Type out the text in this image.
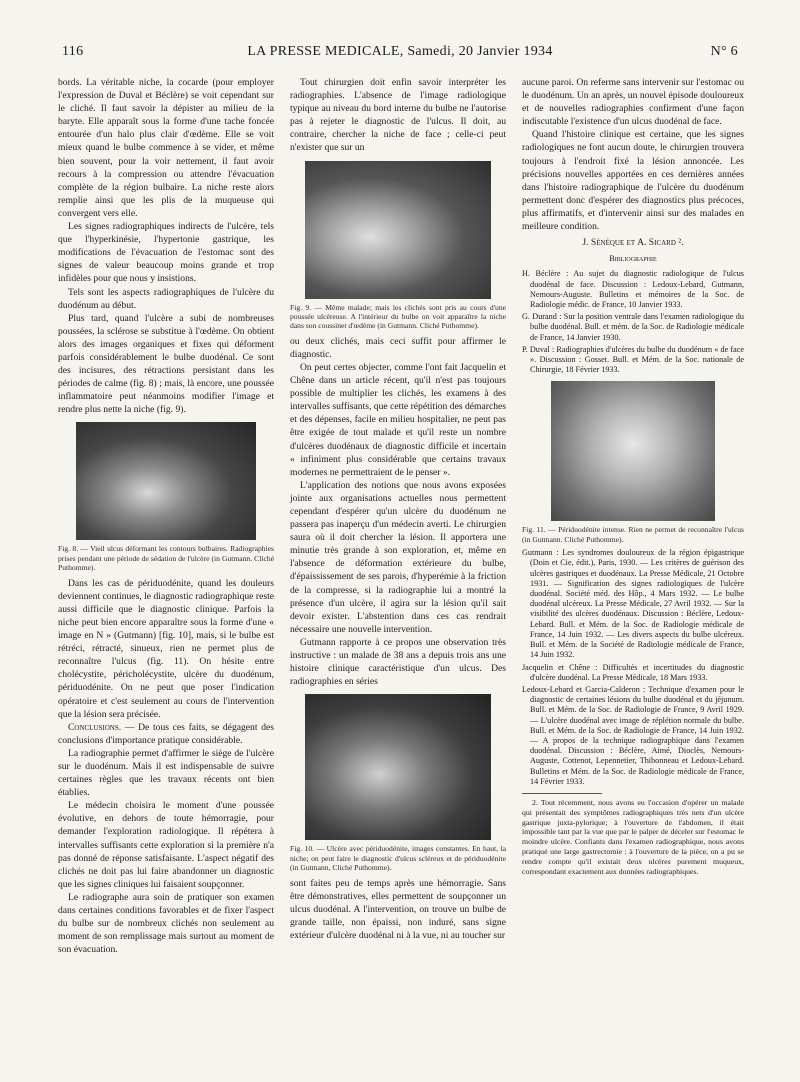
116	LA PRESSE MEDICALE, Samedi, 20 Janvier 1934	N° 6

bords. La véritable niche, la cocarde (pour employer l'expression de Duval et Béclère) se voit cependant sur le cliché. Il faut savoir la dépister au milieu de la baryte. Elle apparaît sous la forme d'une tache foncée entourée d'un halo plus clair d'œdème. Elle se voit mieux quand le bulbe commence à se vider, et même bien souvent, pour la voir nettement, il faut avoir recours à la compression ou attendre l'évacuation complète de la région bulbaire. La niche reste alors remplie ainsi que les plis de la muqueuse qui convergent vers elle.

Les signes radiographiques indirects de l'ulcère, tels que l'hyperkinésie, l'hypertonie gastrique, les modifications de l'évacuation de l'estomac sont des signes de valeur beaucoup moins grande et trop infidèles pour que nous y insistions.

Tels sont les aspects radiographiques de l'ulcère du duodénum au début.

Plus tard, quand l'ulcère a subi de nombreuses poussées, la sclérose se substitue à l'œdème. On obtient alors des images organiques et fixes qui déforment parfois considérablement le bulbe duodénal. Ce sont des incisures, des rétractions persistant dans les périodes de calme (fig. 8) ; mais, là encore, une poussée inflammatoire peut néanmoins modifier l'image et rendre plus nette la niche (fig. 9).

Fig. 8. — Vieil ulcus déformant les contours bulbaires. Radiographies prises pendant une période de sédation de l'ulcère (in Gutmann. Cliché Puthomme).

Dans les cas de périduodénite, quand les douleurs deviennent continues, le diagnostic radiographique reste aussi difficile que le diagnostic clinique. Parfois la niche peut bien encore apparaître sous la forme d'une « image en N » (Gutmann) [fig. 10], mais, si le bulbe est rétréci, rétracté, sinueux, rien ne permet plus de reconnaître l'ulcus (fig. 11). On hésite entre cholécystite, péricholécystite, ulcère du duodénum, périduodénite. On ne peut que poser l'indication opératoire et c'est seulement au cours de l'intervention que la lésion sera précisée.

Conclusions. — De tous ces faits, se dégagent des conclusions d'importance pratique considérable.

La radiographie permet d'affirmer le siège de l'ulcère sur le duodénum. Mais il est indispensable de suivre certaines règles que les travaux récents ont bien établies.

Le médecin choisira le moment d'une poussée évolutive, en dehors de toute hémorragie, pour demander l'exploration radiologique. Il répétera à intervalles suffisants cette exploration si la première n'a pas donné de réponse satisfaisante. L'aspect négatif des clichés ne doit pas lui faire abandonner un diagnostic que les signes cliniques lui faisaient soupçonner.

Le radiographe aura soin de pratiquer son examen dans certaines conditions favorables et de fixer l'aspect du bulbe sur de nombreux clichés non seulement au moment de son remplissage mais surtout au moment de son évacuation.

Tout chirurgien doit enfin savoir interpréter les radiographies. L'absence de l'image radiologique typique au niveau du bord interne du bulbe ne l'autorise pas à rejeter le diagnostic de l'ulcus. Il doit, au contraire, chercher la niche de face ; celle-ci peut n'exister que sur un

Fig. 9. — Même malade; mais les clichés sont pris au cours d'une poussée ulcéreuse. A l'intérieur du bulbe on voit apparaître la niche dans son coussinet d'œdème (in Gutmann. Cliché Puthomme).

ou deux clichés, mais ceci suffit pour affirmer le diagnostic.

On peut certes objecter, comme l'ont fait Jacquelin et Chêne dans un article récent, qu'il n'est pas toujours possible de multiplier les clichés, les examens à des intervalles suffisants, que cette répétition des démarches et des dépenses, facile en milieu hospitalier, ne peut pas être exigée de tout malade et qu'il reste un nombre d'ulcères duodénaux de diagnostic difficile et incertain « infiniment plus considérable que certains travaux modernes ne permettraient de le penser ».

L'application des notions que nous avons exposées jointe aux organisations actuelles nous permettent cependant d'espérer qu'un ulcère du duodénum ne passera pas inaperçu d'un médecin averti. Le chirurgien saura où il doit chercher la lésion. Il apportera une minutie très grande à son exploration, et, même en l'absence de déformation extérieure du bulbe, d'épaississement de ses parois, d'hyperémie à la friction de la compresse, si la radiographie lui a montré la présence d'un ulcère, il agira sur la lésion qu'il sait devoir exister. L'abstention dans ces cas rendrait nécessaire une nouvelle intervention.

Gutmann rapporte à ce propos une observation très instructive : un malade de 38 ans a depuis trois ans une histoire clinique caractéristique d'un ulcus. Des radiographies en séries

Fig. 10. — Ulcère avec périduodénite, images constantes. En haut, la niche; on peut faire le diagnostic d'ulcus scléreux et de périduodénite (in Gutmann, Cliché Puthomme).

sont faites peu de temps après une hémorragie. Sans être démonstratives, elles permettent de soupçonner un ulcus duodénal. A l'intervention, on trouve un bulbe de grande taille, non épaissi, non induré, sans signe extérieur d'ulcère duodénal ni à la vue, ni au toucher sur

aucune paroi. On referme sans intervenir sur l'estomac ou le duodénum. Un an après, un nouvel épisode douloureux et de nouvelles radiographies confirment d'une façon indiscutable l'existence d'un ulcus duodénal de face.

Quand l'histoire clinique est certaine, que les signes radiologiques ne font aucun doute, le chirurgien trouvera toujours à l'endroit fixé la lésion annoncée. Les précisions nouvelles apportées en ces dernières années dans l'histoire radiographique de l'ulcère du duodénum permettent donc d'espérer des diagnostics plus précoces, plus affirmatifs, et d'intervenir ainsi sur des malades en meilleure condition.

J. Sénèque et A. Sicard ².

Bibliographie

H. Béclère : Au sujet du diagnostic radiologique de l'ulcus duodénal de face. Discussion : Ledoux-Lebard, Gutmann, Nemours-Auguste. Bulletins et mémoires de la Soc. de Radiologie médic. de France, 10 Janvier 1933.

G. Durand : Sur la position ventrale dans l'examen radiologique du bulbe duodénal. Bull. et mém. de la Soc. de Radiologie médicale de France, 14 Janvier 1930.

P. Duval : Radiographies d'ulcères du bulbe du duodénum « de face ». Discussion : Gosset. Bull. et Mém. de la Soc. nationale de Chirurgie, 18 Février 1933.

Fig. 11. — Périduodénite intense. Rien ne permet de reconnaître l'ulcus (in Gutmann. Cliché Puthomme).

Gutmann : Les syndromes douloureux de la région épigastrique (Doin et Cie, édit.), Paris, 1930. — Les critères de guérison des ulcères gastriques et duodénaux. La Presse Médicale, 21 Octobre 1931. — Signification des signes radiologiques de l'ulcère duodénal. Société méd. des Hôp., 4 Mars 1932. — Le bulbe duodénal ulcéreux. La Presse Médicale, 27 Avril 1932. — Sur la visibilité des ulcères duodénaux. Discussion : Béclère, Ledoux-Lebard. Bull. et Mém. de la Soc. de Radiologie médicale de France, 14 Juin 1932. — Les divers aspects du bulbe ulcéreux. Bull. et Mém. de la Société de Radiologie médicale de France, 14 Juin 1932.

Jacquelin et Chêne : Difficultés et incertitudes du diagnostic d'ulcère duodénal. La Presse Médicale, 18 Mars 1933.

Ledoux-Lebard et Garcia-Calderon : Technique d'examen pour le diagnostic de certaines lésions du bulbe duodénal et du jéjunum. Bull. et Mém. de la Soc. de Radiologie de France, 9 Avril 1929. — L'ulcère duodénal avec image de réplétion normale du bulbe. Bull. et Mém. de la Soc. de Radiologie de France, 14 Juin 1932. — A propos de la technique radiographique dans l'examen duodénal. Discussion : Béclère, Aimé, Dioclès, Nemours-Auguste, Cottenot, Lepennetier, Thibonneau et Ledoux-Lebard. Bulletins et Mém. de la Soc. de Radiologie médicale de France, 14 Février 1933.

2. Tout récemment, nous avons eu l'occasion d'opérer un malade qui présentait des symptômes radiographiques très nets d'un ulcère gastrique juxta-pylorique; à l'ouverture de l'abdomen, il était impossible tant par la vue que par le palper de déceler sur l'estomac le moindre ulcère. Confiants dans l'examen radiographique, nous avons pratiqué une large gastrectomie : à l'ouverture de la pièce, on a pu se rendre compte qu'il existait deux ulcères purement muqueux, correspondant exactement aux données radiographiques.
